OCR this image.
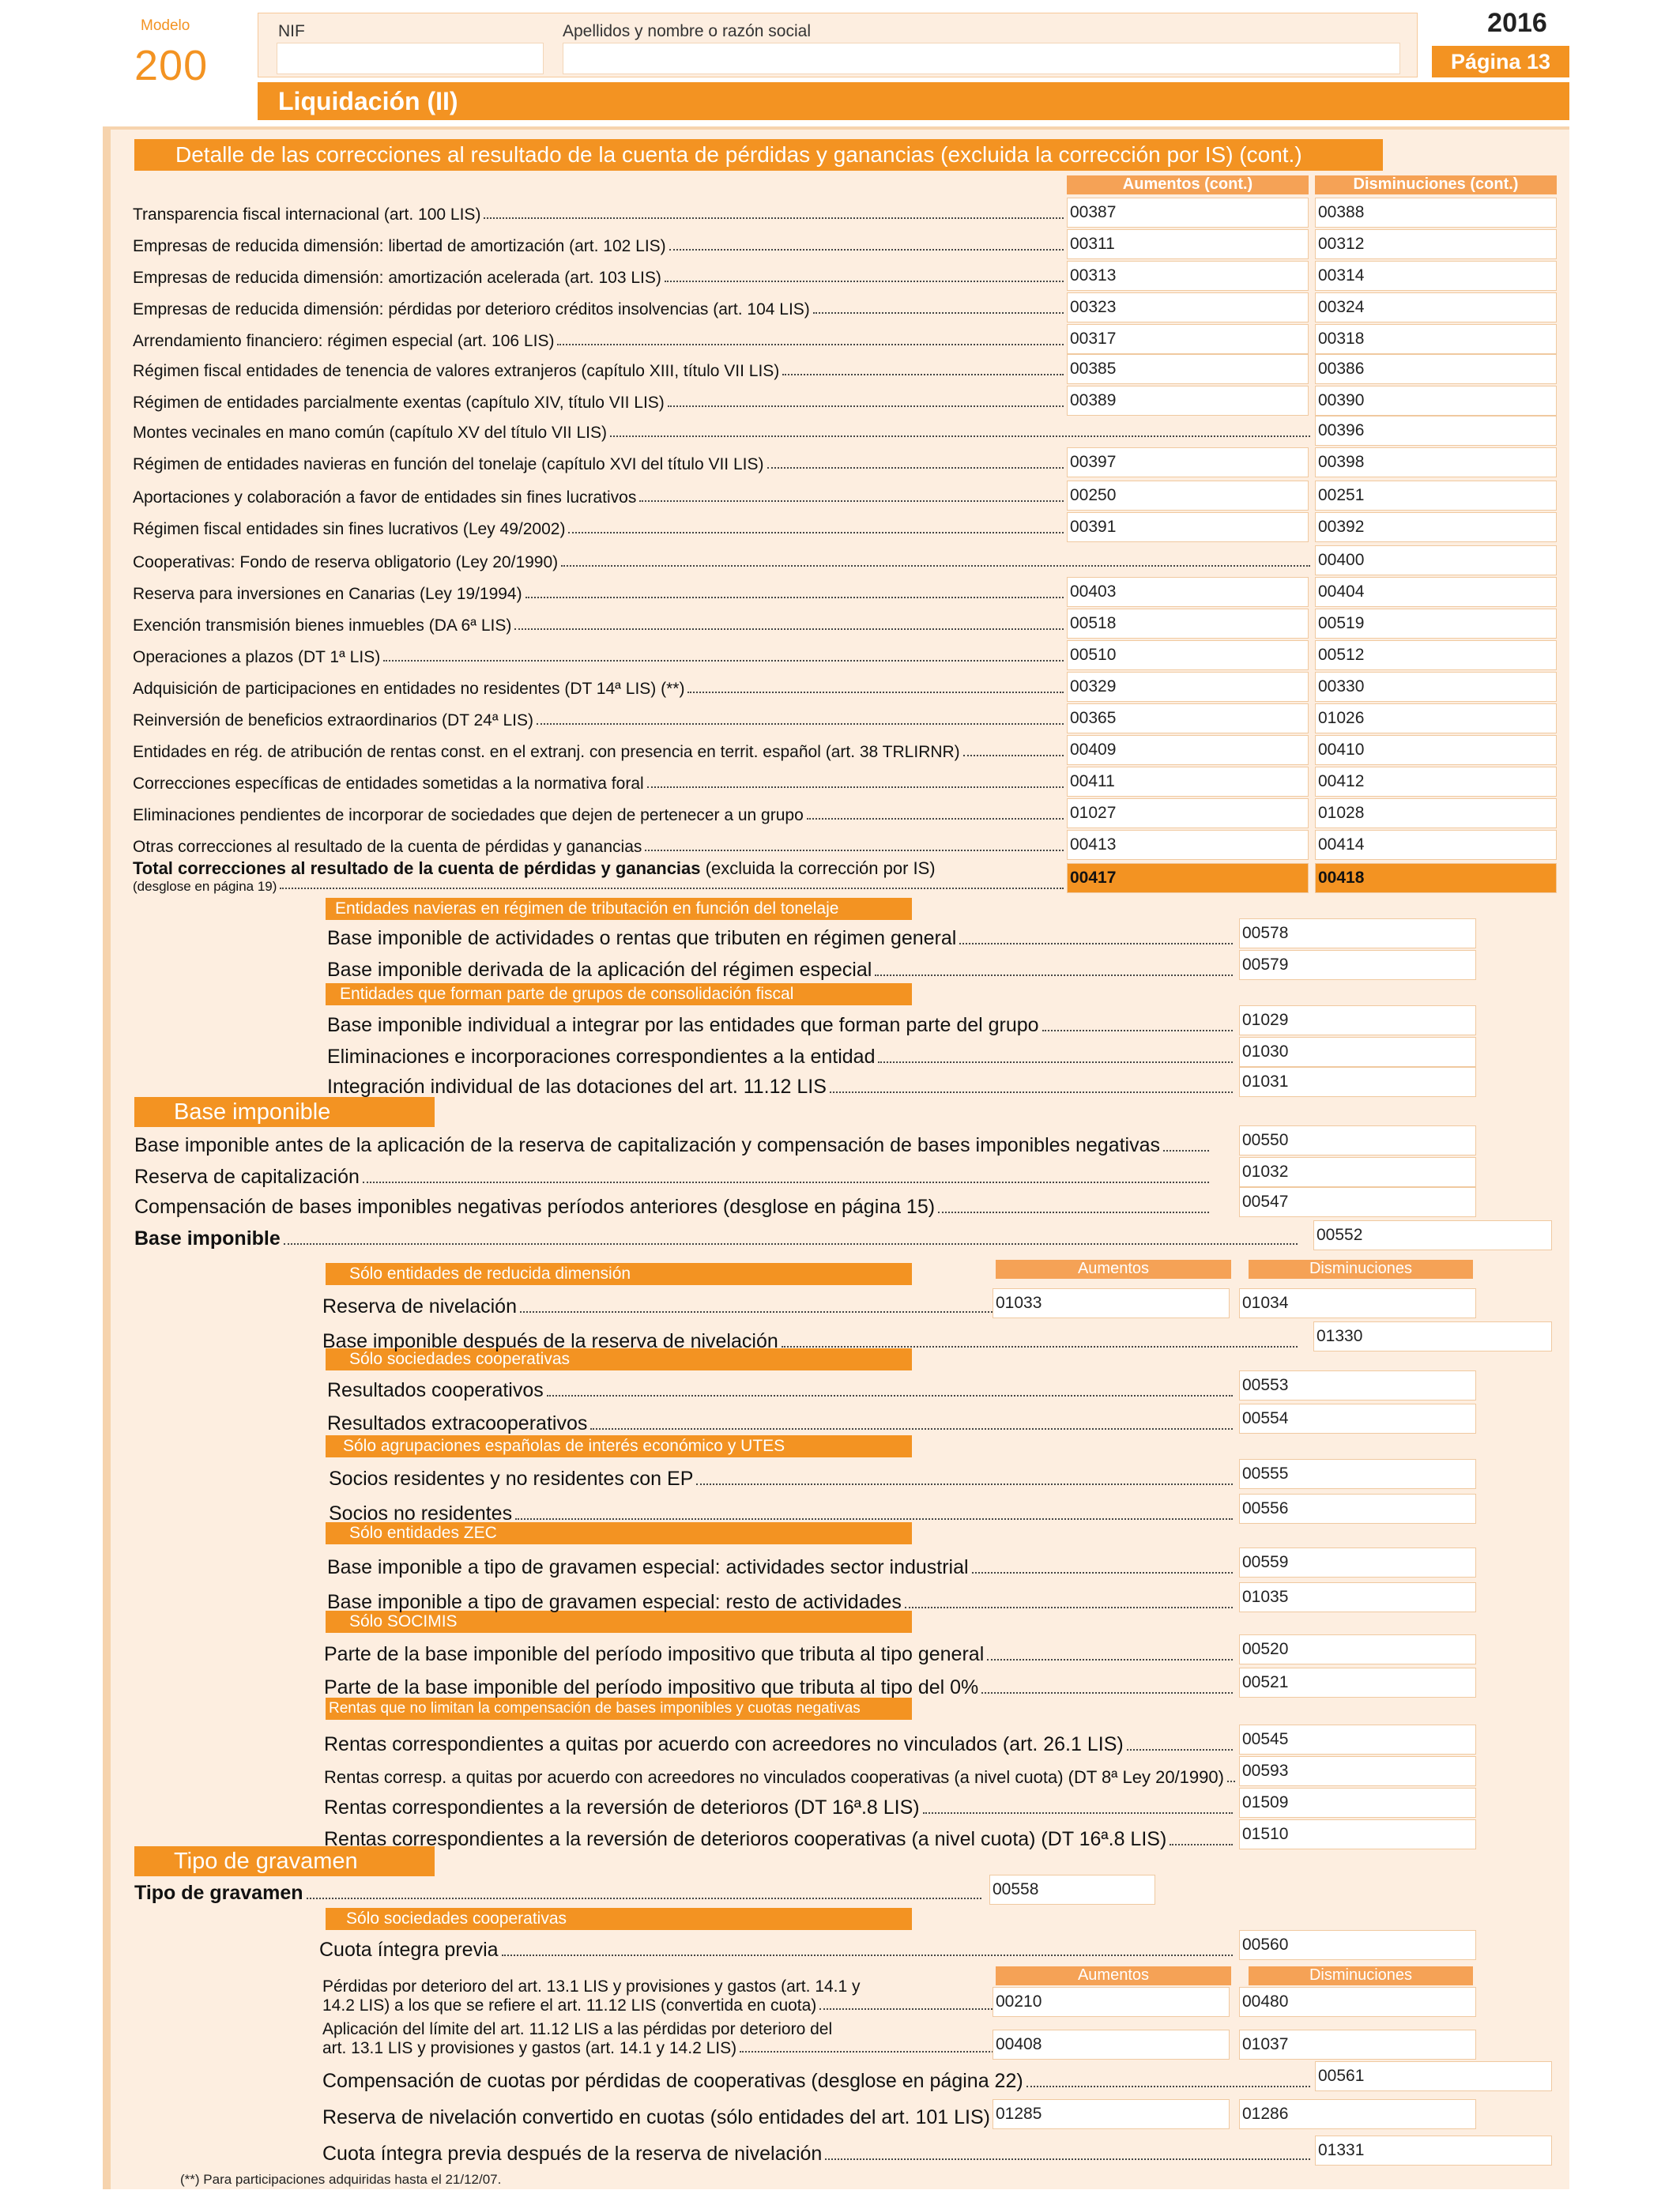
Modelo
200
NIF	Apellidos y nombre o razón social	2016
Página 13
Liquidación (II)
Detalle de las correcciones al resultado de la cuenta de pérdidas y ganancias (excluida la corrección por IS) (cont.)
Aumentos (cont.)	Disminuciones (cont.)
Transparencia fiscal internacional (art. 100 LIS)	00387	00388
Empresas de reducida dimensión: libertad de amortización (art. 102 LIS)	00311	00312
Empresas de reducida dimensión: amortización acelerada (art. 103 LIS)	00313	00314
Empresas de reducida dimensión: pérdidas por deterioro créditos insolvencias (art. 104 LIS)	00323	00324
Arrendamiento financiero: régimen especial (art. 106 LIS)	00317	00318
Régimen fiscal entidades de tenencia de valores extranjeros (capítulo XIII, título VII LIS)	00385	00386
Régimen de entidades parcialmente exentas (capítulo XIV, título VII LIS)	00389	00390
Montes vecinales en mano común (capítulo XV del título VII LIS)	00396
Régimen de entidades navieras en función del tonelaje (capítulo XVI del título VII LIS)	00397	00398
Aportaciones y colaboración a favor de entidades sin fines lucrativos	00250	00251
Régimen fiscal entidades sin fines lucrativos (Ley 49/2002)	00391	00392
Cooperativas: Fondo de reserva obligatorio (Ley 20/1990)	00400
Reserva para inversiones en Canarias (Ley 19/1994)	00403	00404
Exención transmisión bienes inmuebles (DA 6ª LIS)	00518	00519
Operaciones a plazos (DT 1ª LIS)	00510	00512
Adquisición de participaciones en entidades no residentes (DT 14ª LIS) (**)	00329	00330
Reinversión de beneficios extraordinarios (DT 24ª LIS)	00365	01026
Entidades en rég. de atribución de rentas const. en el extranj. con presencia en territ. español (art. 38 TRLIRNR)	00409	00410
Correcciones específicas de entidades sometidas a la normativa foral	00411	00412
Eliminaciones pendientes de incorporar de sociedades que dejen de pertenecer a un grupo	01027	01028
Otras correcciones al resultado de la cuenta de pérdidas y ganancias	00413	00414
Total correcciones al resultado de la cuenta de pérdidas y ganancias (excluida la corrección por IS)
(desglose en página 19)	00417	00418
Entidades navieras en régimen de tributación en función del tonelaje
Entidades que forman parte de grupos de consolidación fiscal
Base imponible
Sólo entidades de reducida dimensión	Aumentos	Disminuciones
Sólo sociedades cooperativas
Sólo agrupaciones españolas de interés económico y UTES
Sólo entidades ZEC
Sólo SOCIMIS
Rentas que no limitan la compensación de bases imponibles y cuotas negativas
Tipo de gravamen
Sólo sociedades cooperativas
Aumentos	Disminuciones
Base imponible de actividades o rentas que tributen en régimen general	00578
Base imponible derivada de la aplicación del régimen especial	00579
Base imponible individual a integrar por las entidades que forman parte del grupo	01029
Eliminaciones e incorporaciones correspondientes a la entidad	01030
Integración individual de las dotaciones del art. 11.12 LIS	01031
Base imponible antes de la aplicación de la reserva de capitalización y compensación de bases imponibles negativas	00550
Reserva de capitalización	01032
Compensación de bases imponibles negativas períodos anteriores (desglose en página 15)	00547
Base imponible	00552
Reserva de nivelación	01033	01034
Base imponible después de la reserva de nivelación	01330
Resultados cooperativos	00553
Resultados extracooperativos	00554
Socios residentes y no residentes con EP	00555
Socios no residentes	00556
Base imponible a tipo de gravamen especial: actividades sector industrial	00559
Base imponible a tipo de gravamen especial: resto de actividades	01035
Parte de la base imponible del período impositivo que tributa al tipo general	00520
Parte de la base imponible del período impositivo que tributa al tipo del 0%	00521
Rentas correspondientes a quitas por acuerdo con acreedores no vinculados (art. 26.1 LIS)	00545
Rentas corresp. a quitas por acuerdo con acreedores no vinculados cooperativas (a nivel cuota) (DT 8ª Ley 20/1990) 00593
Rentas correspondientes a la reversión de deterioros (DT 16ª.8 LIS)	01509
Rentas correspondientes a la reversión de deterioros cooperativas (a nivel cuota) (DT 16ª.8 LIS)	01510
Tipo de gravamen	00558
Cuota íntegra previa	00560
Pérdidas por deterioro del art. 13.1 LIS y provisiones y gastos (art. 14.1 y
14.2 LIS) a los que se refiere el art. 11.12 LIS (convertida en cuota)	00210	00480
Aplicación del límite del art. 11.12 LIS a las pérdidas por deterioro del
art. 13.1 LIS y provisiones y gastos (art. 14.1 y 14.2 LIS)	00408	01037
Compensación de cuotas por pérdidas de cooperativas (desglose en página 22)	00561
Reserva de nivelación convertido en cuotas (sólo entidades del art. 101 LIS) 01285	01286
Cuota íntegra previa después de la reserva de nivelación	01331
(**) Para participaciones adquiridas hasta el 21/12/07.
